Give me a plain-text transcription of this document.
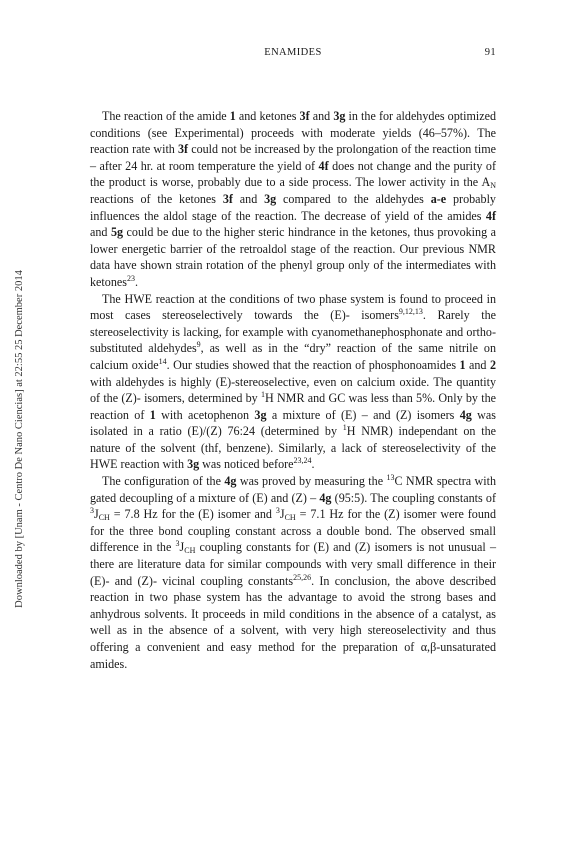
Downloaded by [Unam - Centro De Nano Ciencias] at 22:55 25 December 2014
ENAMIDES	91

The reaction of the amide 1 and ketones 3f and 3g in the for aldehydes optimized conditions (see Experimental) proceeds with moderate yields (46–57%). The reaction rate with 3f could not be increased by the prolongation of the reaction time – after 24 hr. at room temperature the yield of 4f does not change and the purity of the product is worse, probably due to a side process. The lower activity in the $A_N$ reactions of the ketones 3f and 3g compared to the aldehydes a-e probably influences the aldol stage of the reaction. The decrease of yield of the amides 4f and 5g could be due to the higher steric hindrance in the ketones, thus provoking a lower energetic barrier of the retroaldol stage of the reaction. Our previous NMR data have shown strain rotation of the phenyl group only of the intermediates with ketones$^{23}$.

The HWE reaction at the conditions of two phase system is found to proceed in most cases stereoselectively towards the (E)- isomers$^{9,12,13}$. Rarely the stereoselectivity is lacking, for example with cyanomethanephosphonate and ortho-substituted aldehydes$^9$, as well as in the “dry” reaction of the same nitrile on calcium oxide$^{14}$. Our studies showed that the reaction of phosphonoamides 1 and 2 with aldehydes is highly (E)-stereoselective, even on calcium oxide. The quantity of the (Z)- isomers, determined by $^1$H NMR and GC was less than 5%. Only by the reaction of 1 with acetophenon 3g a mixture of (E) – and (Z) isomers 4g was isolated in a ratio (E)/(Z) 76:24 (determined by $^1$H NMR) independant on the nature of the solvent (thf, benzene). Similarly, a lack of stereoselectivity of the HWE reaction with 3g was noticed before$^{23,24}$.

The configuration of the 4g was proved by measuring the $^{13}$C NMR spectra with gated decoupling of a mixture of (E) and (Z) – 4g (95:5). The coupling constants of $^3J_{CH} = 7.8$ Hz for the (E) isomer and $^3J_{CH} = 7.1$ Hz for the (Z) isomer were found for the three bond coupling constant across a double bond. The observed small difference in the $^3J_{CH}$ coupling constants for (E) and (Z) isomers is not unusual – there are literature data for similar compounds with very small difference in their (E)- and (Z)- vicinal coupling constants$^{25,26}$. In conclusion, the above described reaction in two phase system has the advantage to avoid the strong bases and anhydrous solvents. It proceeds in mild conditions in the absence of a catalyst, as well as in the absence of a solvent, with very high stereoselectivity and thus offering a convenient and easy method for the preparation of α,β-unsaturated amides.
